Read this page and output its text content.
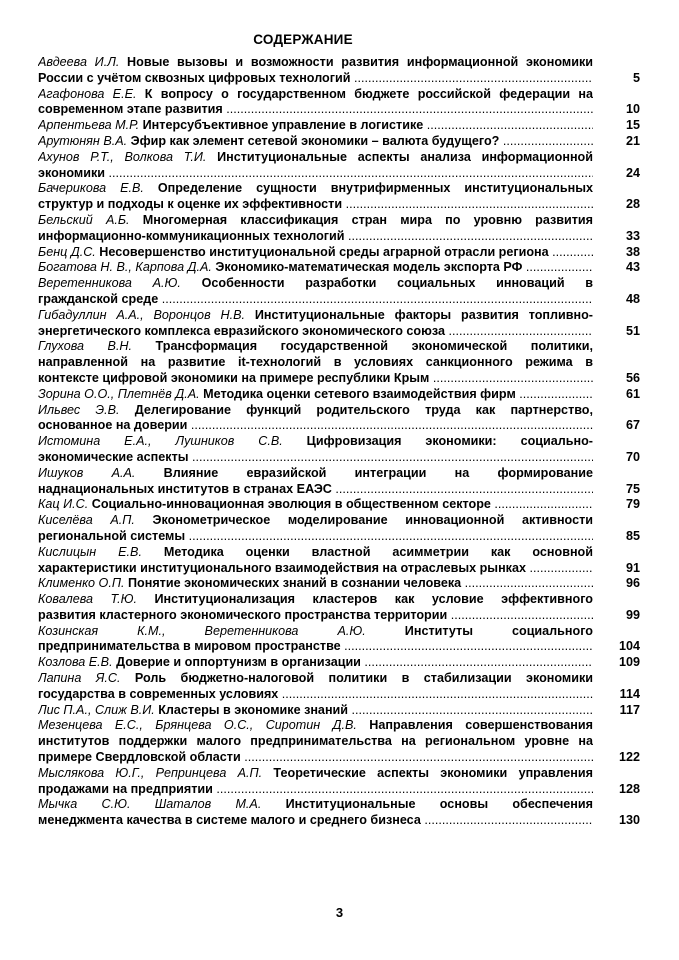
СОДЕРЖАНИЕ
Авдеева И.Л. Новые вызовы и возможности развития информационной экономики
России с учётом сквозных цифровых технологий .....	5
Агафонова Е.Е. К вопросу о государственном бюджете российской федерации на
современном этапе развития .....	10
Арпентьева М.Р. Интерсубъективное управление в логистике .....	15
Арутюнян В.А. Эфир как элемент сетевой экономики – валюта будущего? .....	21
Ахунов Р.Т., Волкова Т.И. Институциональные аспекты анализа информационной
экономики .....	24
Бачерикова Е.В. Определение сущности внутрифирменных институциональных
структур и подходы к оценке их эффективности .....	28
Бельский А.Б. Многомерная классификация стран мира по уровню развития
информационно-коммуникационных технологий .....	33
Бенц Д.С. Несовершенство институциональной среды аграрной отрасли региона .....	38
Богатова Н. В., Карпова Д.А. Экономико-математическая модель экспорта РФ .....	43
Веретенникова А.Ю. Особенности разработки социальных инноваций в
гражданской среде .....	48
Гибадуллин А.А., Воронцов Н.В. Институциональные факторы развития топливно-
энергетического комплекса евразийского экономического союза .....	51
Глухова В.Н. Трансформация государственной экономической политики,
направленной на развитие it-технологий в условиях санкционного режима в
контексте цифровой экономики на примере республики Крым .....	56
Зорина О.О., Плетнёв Д.А. Методика оценки сетевого взаимодействия фирм .....	61
Ильвес Э.В. Делегирование функций родительского труда как партнерство,
основанное на доверии .....	67
Истомина Е.А., Лушников С.В. Цифровизация экономики: социально-
экономические аспекты .....	70
Ишуков А.А. Влияние евразийской интеграции на формирование
наднациональных институтов в странах ЕАЭС .....	75
Кац И.С. Социально-инновационная эволюция в общественном секторе .....	79
Киселёва А.П. Эконометрическое моделирование инновационной активности
региональной системы .....	85
Кислицын Е.В. Методика оценки властной асимметрии как основной
характеристики институционального взаимодействия на отраслевых рынках .....	91
Клименко О.П. Понятие экономических знаний в сознании человека .....	96
Ковалева Т.Ю. Институционализация кластеров как условие эффективного
развития кластерного экономического пространства территории .....	99
Козинская К.М., Веретенникова А.Ю. Институты социального
предпринимательства в мировом пространстве .....	104
Козлова Е.В. Доверие и оппортунизм в организации .....	109
Лапина Я.С. Роль бюджетно-налоговой политики в стабилизации экономики
государства в современных условиях .....	114
Лис П.А., Слиж В.И. Кластеры в экономике знаний .....	117
Мезенцева Е.С., Брянцева О.С., Сиротин Д.В. Направления совершенствования
институтов поддержки малого предпринимательства на региональном уровне на
примере Свердловской области .....	122
Мыслякова Ю.Г., Репринцева А.П. Теоретические аспекты экономики управления
продажами на предприятии .....	128
Мычка С.Ю. Шаталов М.А. Институциональные основы обеспечения
менеджмента качества в системе малого и среднего бизнеса .....	130
3
